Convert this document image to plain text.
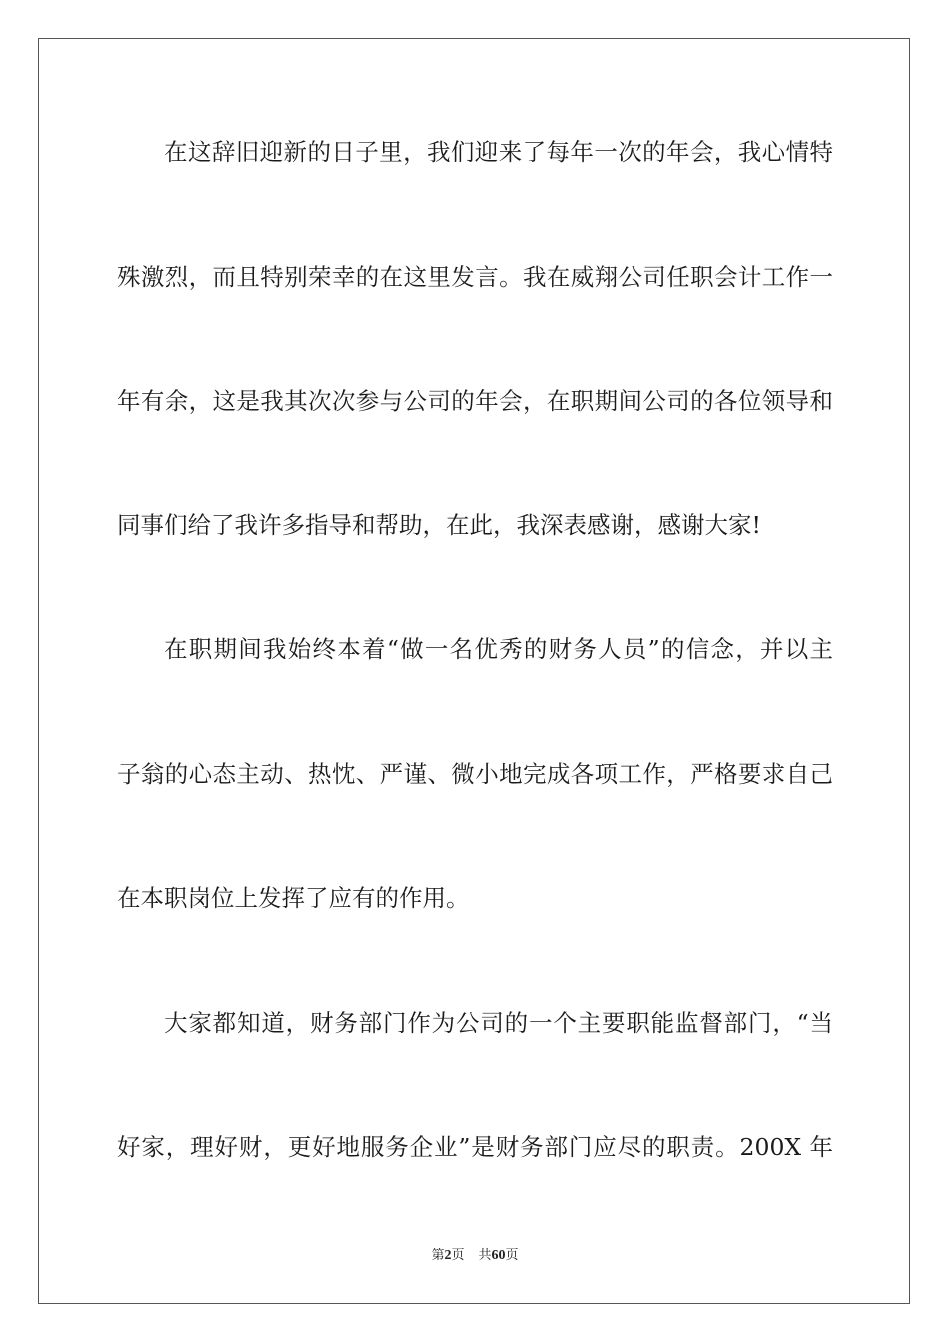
在这辞旧迎新的日子里，我们迎来了每年一次的年会，我心情特
殊激烈，而且特别荣幸的在这里发言。我在威翔公司任职会计工作一
年有余，这是我其次次参与公司的年会，在职期间公司的各位领导和
同事们给了我许多指导和帮助，在此，我深表感谢，感谢大家!
在职期间我始终本着“做一名优秀的财务人员”的信念，并以主
子翁的心态主动、热忱、严谨、微小地完成各项工作，严格要求自己
在本职岗位上发挥了应有的作用。
大家都知道，财务部门作为公司的一个主要职能监督部门，“当
好家，理好财，更好地服务企业”是财务部门应尽的职责。200X 年
第2页 共60页
